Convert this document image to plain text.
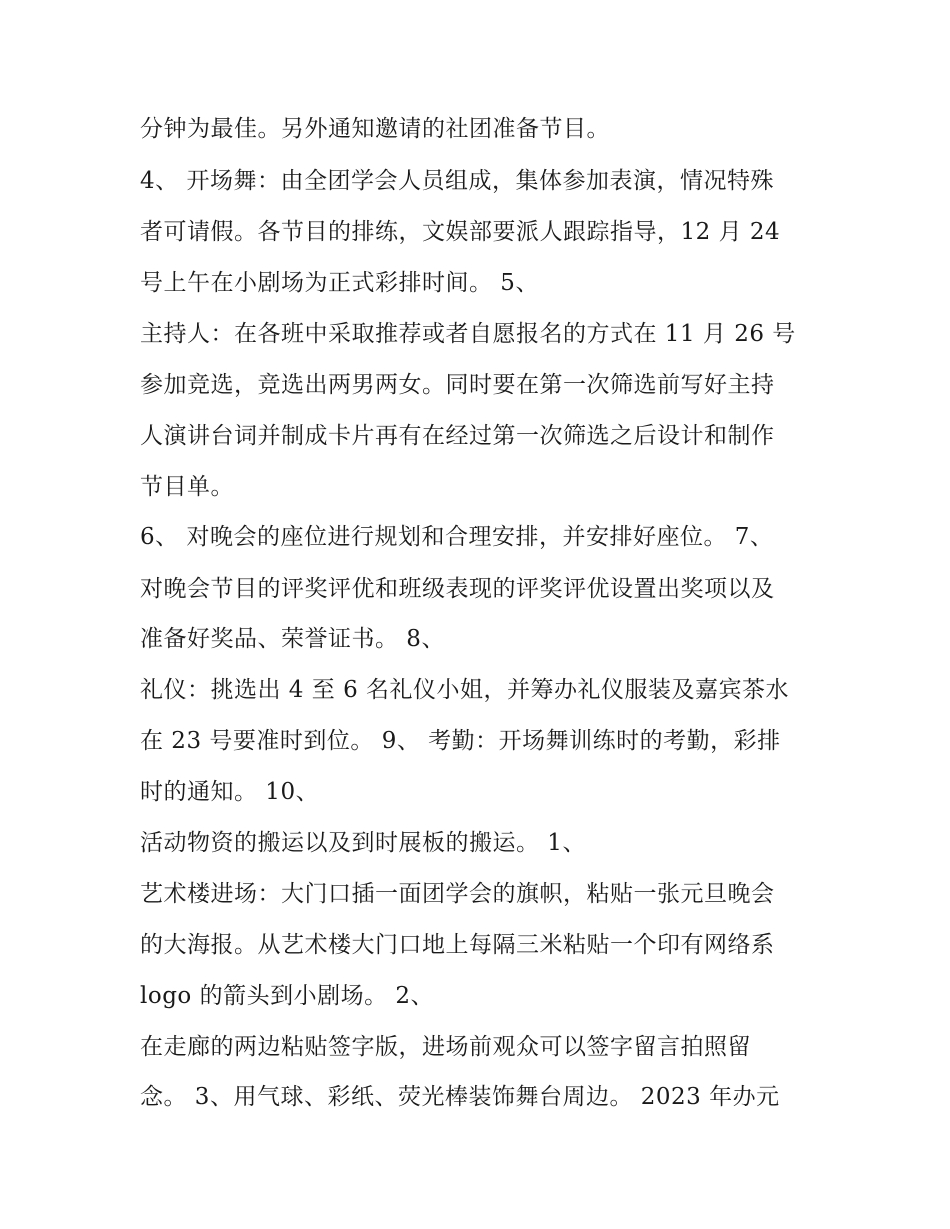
分钟为最佳。另外通知邀请的社团准备节目。
4、 开场舞：由全团学会人员组成，集体参加表演，情况特殊
者可请假。各节目的排练，文娱部要派人跟踪指导，12 月 24
号上午在小剧场为正式彩排时间。 5、
主持人：在各班中采取推荐或者自愿报名的方式在 11 月 26 号
参加竞选，竞选出两男两女。同时要在第一次筛选前写好主持
人演讲台词并制成卡片再有在经过第一次筛选之后设计和制作
节目单。
6、 对晚会的座位进行规划和合理安排，并安排好座位。 7、
对晚会节目的评奖评优和班级表现的评奖评优设置出奖项以及
准备好奖品、荣誉证书。 8、
礼仪：挑选出 4 至 6 名礼仪小姐，并筹办礼仪服装及嘉宾茶水
在 23 号要准时到位。 9、 考勤：开场舞训练时的考勤，彩排
时的通知。 10、
活动物资的搬运以及到时展板的搬运。 1、
艺术楼进场：大门口插一面团学会的旗帜，粘贴一张元旦晚会
的大海报。从艺术楼大门口地上每隔三米粘贴一个印有网络系
logo 的箭头到小剧场。 2、
在走廊的两边粘贴签字版，进场前观众可以签字留言拍照留
念。 3、用气球、彩纸、荧光棒装饰舞台周边。 2023 年办元
